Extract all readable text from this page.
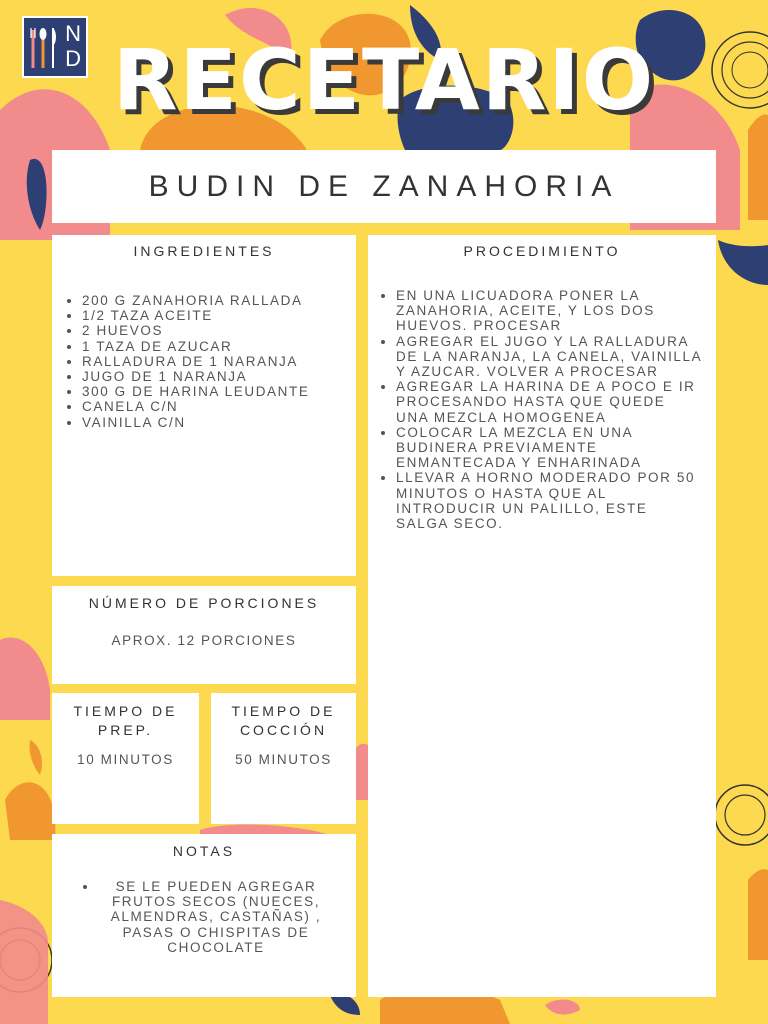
N
D RECETARIO
BUDIN DE ZANAHORIA
INGREDIENTES
• 200 G ZANAHORIA RALLADA
• 1/2 TAZA ACEITE
• 2 HUEVOS
• 1 TAZA DE AZUCAR
• RALLADURA DE 1 NARANJA
• JUGO DE 1 NARANJA
• 300 G DE HARINA LEUDANTE
• CANELA C/N
• VAINILLA C/N
PROCEDIMIENTO
• EN UNA LICUADORA PONER LA ZANAHORIA, ACEITE, Y LOS DOS HUEVOS. PROCESAR
• AGREGAR EL JUGO Y LA RALLADURA DE LA NARANJA, LA CANELA, VAINILLA Y AZUCAR. VOLVER A PROCESAR
• AGREGAR LA HARINA DE A POCO E IR PROCESANDO HASTA QUE QUEDE UNA MEZCLA HOMOGENEA
• COLOCAR LA MEZCLA EN UNA BUDINERA PREVIAMENTE ENMANTECADA Y ENHARINADA
• LLEVAR A HORNO MODERADO POR 50 MINUTOS O HASTA QUE AL INTRODUCIR UN PALILLO, ESTE SALGA SECO.
NÚMERO DE PORCIONES
APROX. 12 PORCIONES
TIEMPO DE
PREP.
10 MINUTOS
TIEMPO DE
COCCIÓN
50 MINUTOS
NOTAS
• SE LE PUEDEN AGREGAR FRUTOS SECOS (NUECES, ALMENDRAS, CASTAÑAS) , PASAS O CHISPITAS DE CHOCOLATE
